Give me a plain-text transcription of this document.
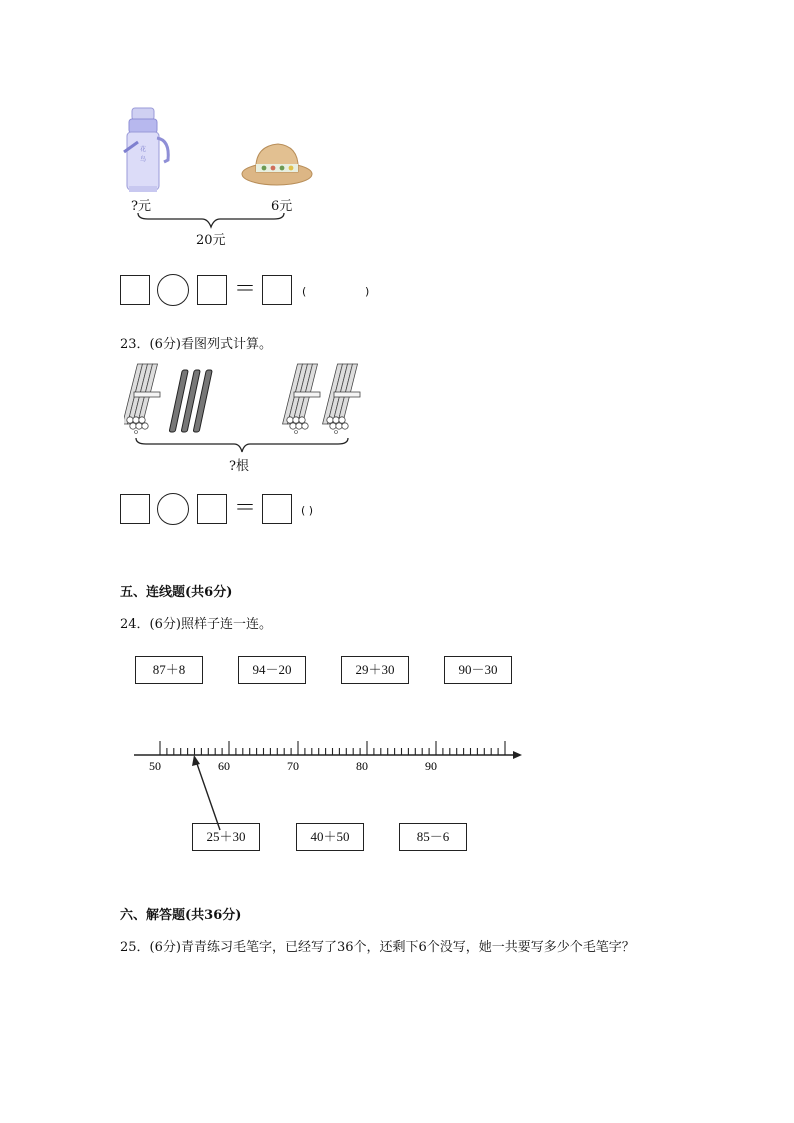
花
鸟
?元	6元
20元
＝	(	)
23．(6分)看图列式计算。
?根
＝	( )
五、连线题(共6分)
24．(6分)照样子连一连。
87＋8	94－20	29＋30	90－30
50	60	70	80	90
25＋30	40＋50	85－6
六、解答题(共36分)
25．(6分)青青练习毛笔字，已经写了36个，还剩下6个没写，她一共要写多少个毛笔字？
